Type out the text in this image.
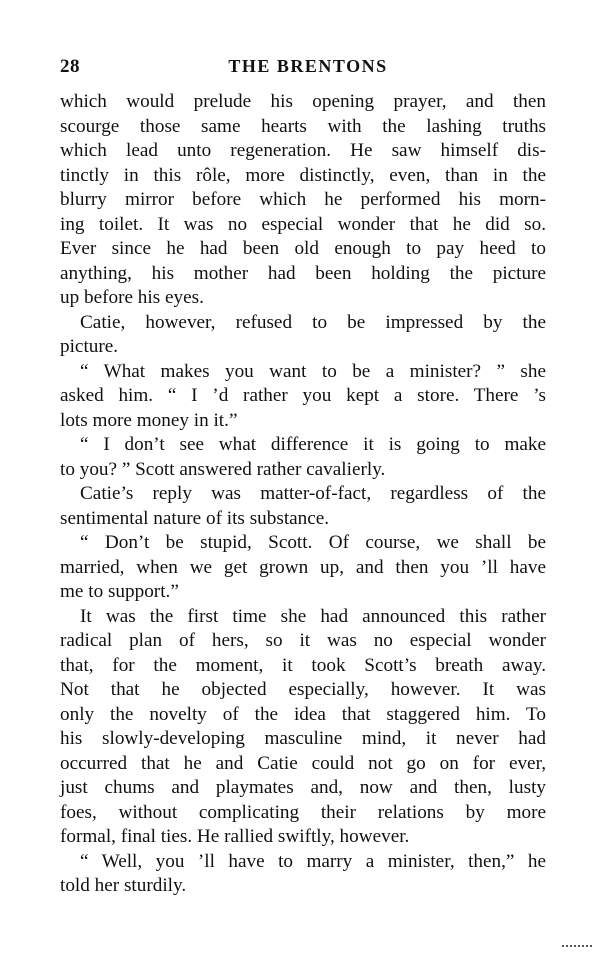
28	THE BRENTONS
which would prelude his opening prayer, and then
scourge those same hearts with the lashing truths
which lead unto regeneration. He saw himself dis-
tinctly in this rôle, more distinctly, even, than in the
blurry mirror before which he performed his morn-
ing toilet. It was no especial wonder that he did so.
Ever since he had been old enough to pay heed to
anything, his mother had been holding the picture
up before his eyes.
Catie, however, refused to be impressed by the
picture.
“ What makes you want to be a minister? ” she
asked him. “ I ’d rather you kept a store. There ’s
lots more money in it.”
“ I don’t see what difference it is going to make
to you? ” Scott answered rather cavalierly.
Catie’s reply was matter-of-fact, regardless of the
sentimental nature of its substance.
“ Don’t be stupid, Scott. Of course, we shall be
married, when we get grown up, and then you ’ll have
me to support.”
It was the first time she had announced this rather
radical plan of hers, so it was no especial wonder
that, for the moment, it took Scott’s breath away.
Not that he objected especially, however. It was
only the novelty of the idea that staggered him. To
his slowly-developing masculine mind, it never had
occurred that he and Catie could not go on for ever,
just chums and playmates and, now and then, lusty
foes, without complicating their relations by more
formal, final ties. He rallied swiftly, however.
“ Well, you ’ll have to marry a minister, then,” he
told her sturdily.
